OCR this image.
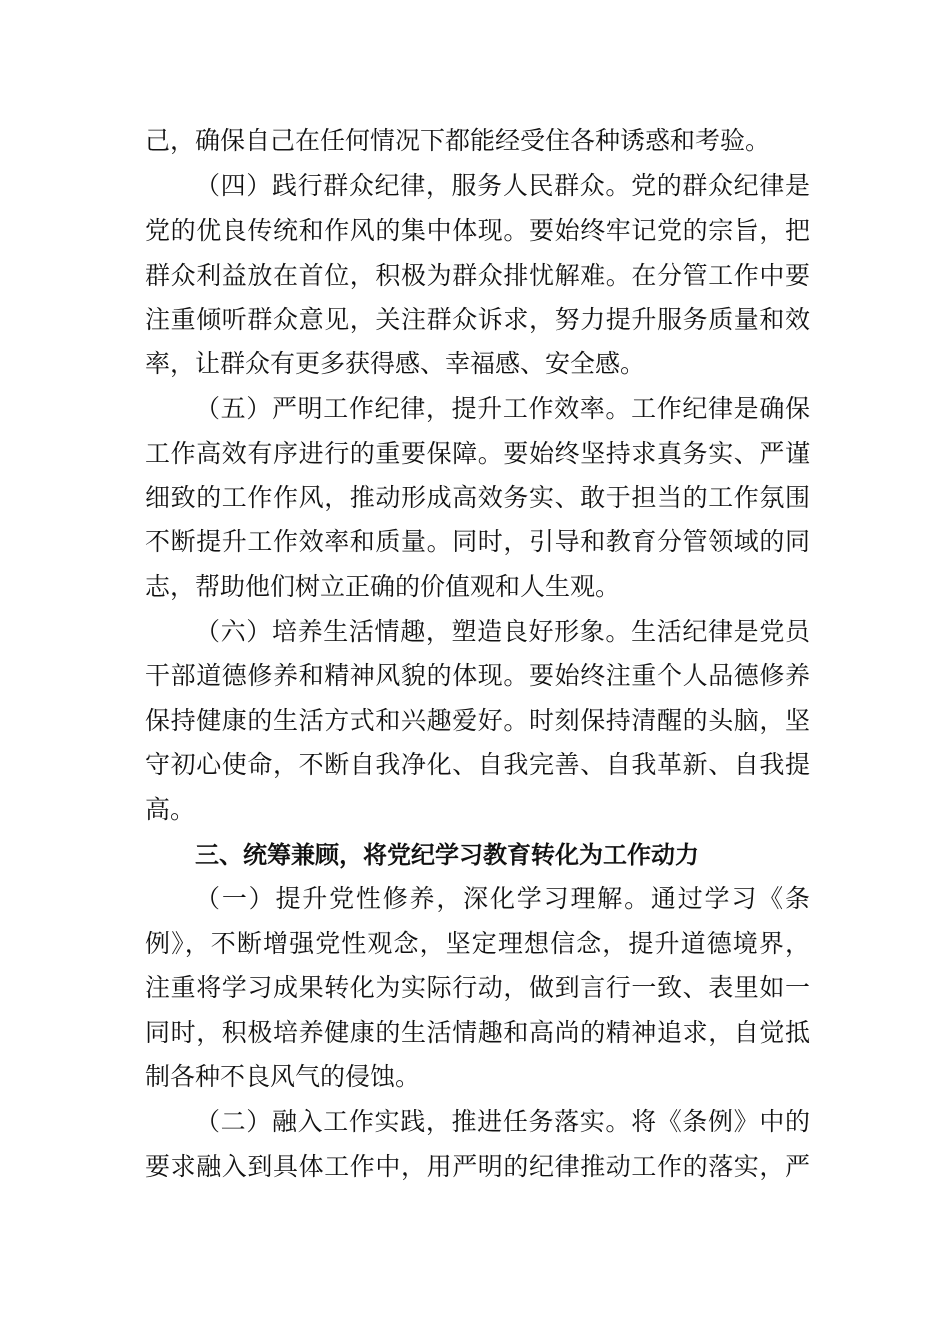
己，确保自己在任何情况下都能经受住各种诱惑和考验。
（四）践行群众纪律，服务人民群众。党的群众纪律是
党的优良传统和作风的集中体现。要始终牢记党的宗旨，把
群众利益放在首位，积极为群众排忧解难。在分管工作中要
注重倾听群众意见，关注群众诉求，努力提升服务质量和效
率，让群众有更多获得感、幸福感、安全感。
（五）严明工作纪律，提升工作效率。工作纪律是确保
工作高效有序进行的重要保障。要始终坚持求真务实、严谨
细致的工作作风，推动形成高效务实、敢于担当的工作氛围
不断提升工作效率和质量。同时，引导和教育分管领域的同
志，帮助他们树立正确的价值观和人生观。
（六）培养生活情趣，塑造良好形象。生活纪律是党员
干部道德修养和精神风貌的体现。要始终注重个人品德修养
保持健康的生活方式和兴趣爱好。时刻保持清醒的头脑，坚
守初心使命，不断自我净化、自我完善、自我革新、自我提
高。
三、统筹兼顾，将党纪学习教育转化为工作动力
（一）提升党性修养，深化学习理解。通过学习《条
例》，不断增强党性观念，坚定理想信念，提升道德境界，
注重将学习成果转化为实际行动，做到言行一致、表里如一
同时，积极培养健康的生活情趣和高尚的精神追求，自觉抵
制各种不良风气的侵蚀。
（二）融入工作实践，推进任务落实。将《条例》中的
要求融入到具体工作中，用严明的纪律推动工作的落实，严
